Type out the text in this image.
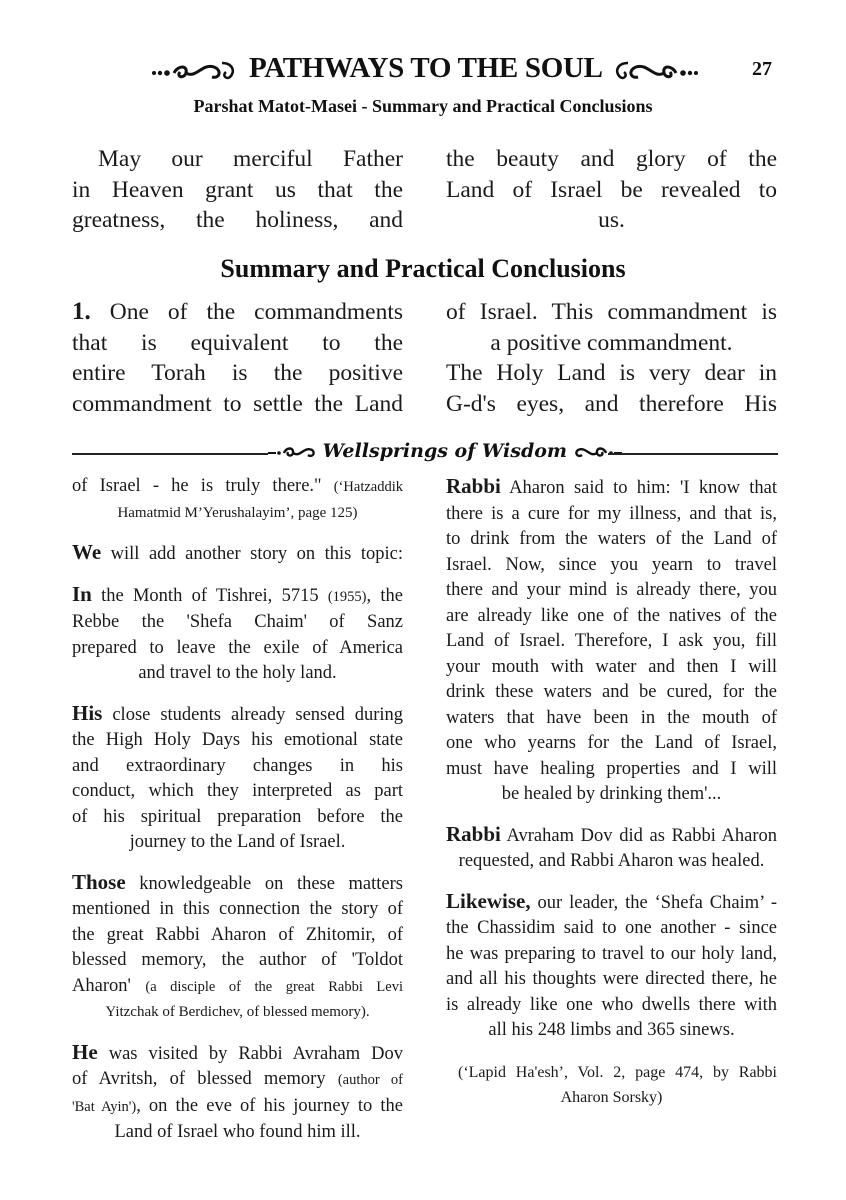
PATHWAYS TO THE SOUL	27
Parshat Matot-Masei - Summary and Practical Conclusions
May our merciful Father
in Heaven grant us that the
greatness, the holiness, and
the beauty and glory of the
Land of Israel be revealed to
us.
Summary and Practical Conclusions
1. One of the commandments
that is equivalent to the
entire Torah is the positive
commandment to settle the Land
of Israel. This commandment is
a positive commandment.
The Holy Land is very dear in
G-d's eyes, and therefore His
Wellsprings of Wisdom
of Israel - he is truly there." (‘Hatzaddik
Hamatmid M’Yerushalayim’, page 125)
We will add another story on this topic:
In the Month of Tishrei, 5715 (1955), the
Rebbe the 'Shefa Chaim' of Sanz
prepared to leave the exile of America
and travel to the holy land.
His close students already sensed during
the High Holy Days his emotional state
and extraordinary changes in his
conduct, which they interpreted as part
of his spiritual preparation before the
journey to the Land of Israel.
Those knowledgeable on these matters
mentioned in this connection the story of
the great Rabbi Aharon of Zhitomir, of
blessed memory, the author of 'Toldot
Aharon' (a disciple of the great Rabbi Levi
Yitzchak of Berdichev, of blessed memory).
He was visited by Rabbi Avraham Dov
of Avritsh, of blessed memory (author of
'Bat Ayin'), on the eve of his journey to the
Land of Israel who found him ill.
Rabbi Aharon said to him: 'I know that
there is a cure for my illness, and that is,
to drink from the waters of the Land of
Israel. Now, since you yearn to travel
there and your mind is already there, you
are already like one of the natives of the
Land of Israel. Therefore, I ask you, fill
your mouth with water and then I will
drink these waters and be cured, for the
waters that have been in the mouth of
one who yearns for the Land of Israel,
must have healing properties and I will
be healed by drinking them'...
Rabbi Avraham Dov did as Rabbi Aharon
requested, and Rabbi Aharon was healed.
Likewise, our leader, the ‘Shefa Chaim’ -
the Chassidim said to one another - since
he was preparing to travel to our holy land,
and all his thoughts were directed there, he
is already like one who dwells there with
all his 248 limbs and 365 sinews.
(‘Lapid Ha'esh’, Vol. 2, page 474, by Rabbi
Aharon Sorsky)
